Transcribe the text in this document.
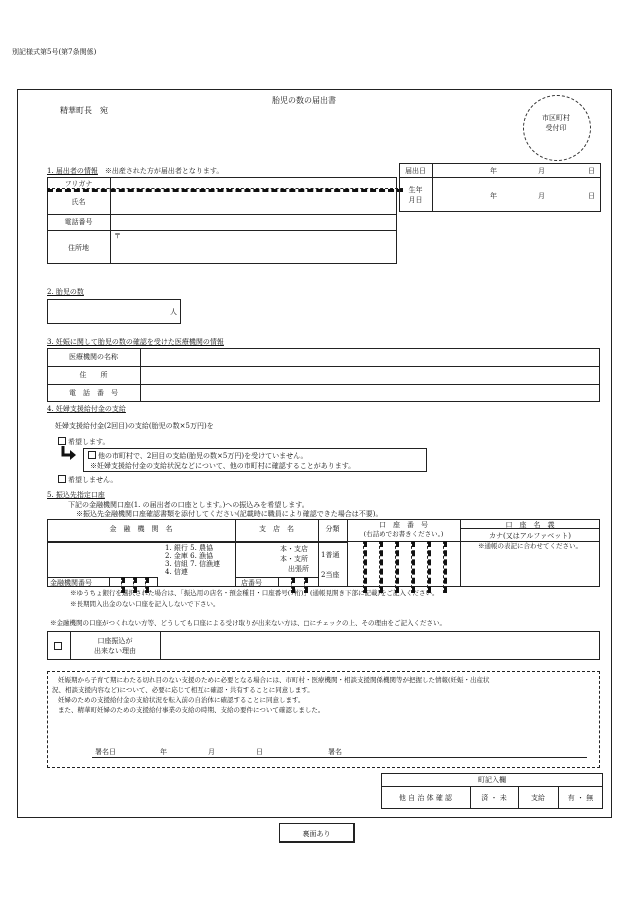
別記様式第5号(第7条関係)
胎児の数の届出書
精華町長　宛
市区町村
受付印
1. 届出者の情報　 ※出産された方が届出者となります。
フリガナ
氏名
電話番号
住所地
〒
届出日	年	月	日
生年
月日	年	月	日
2. 胎児の数
人
3. 妊娠に関して胎児の数の確認を受けた医療機関の情報
医療機関の名称
住　　所
電　話　番　号
4. 妊婦支援給付金の支給
妊婦支援給付金(2回目)の支給(胎児の数×5万円)を
希望します。
他の市町村で、2回目の支給(胎児の数×5万円)を受けていません。
※妊婦支援給付金の支給状況などについて、他の市町村に確認することがあります。
希望しません。
5. 振込先指定口座
下記の金融機関口座(1. の届出者の口座とします。)への振込みを希望します。
※振込先金融機関口座確認書類を添付してください(記載時に職員により確認できた場合は不要)。
金　融　機　関　名	支　店　名	分類	口　座　番　号
(右詰めでお書きください。)
口　座　名　義
カナ(又はアルファベット)
※通帳の表記に合わせてください。
1. 銀行 5. 農協
2. 金庫 6. 漁協
3. 信組 7. 信漁連
4. 信連
本・支店
本・支所
出張所
1普通
2当座
金融機関番号	店番号
※ゆうちょ銀行を選択された場合は、「振込用の店名・預金種目・口座番号(7桁)」(通帳見開き下部に記載)をご記入ください。
※長期間入出金のない口座を記入しないで下さい。
※金融機関の口座がつくれない方等、どうしても口座による受け取りが出来ない方は、□にチェックの上、その理由をご記入ください。
口座振込が
出来ない理由
妊娠期から子育て期にわたる切れ目のない支援のために必要となる場合には、市町村・医療機関・相談支援関係機関等が把握した情報(妊娠・出産状
況、相談支援内容など)について、必要に応じて相互に確認・共有することに同意します。
妊婦のための支援給付金の支給状況を転入前の自治体に確認することに同意します。
また、精華町妊婦のための支援給付事業の支給の時期、支給の要件について確認しました。
署名日	年	月	日	署名
町記入欄
他 自 治 体 確 認	済 ・ 未	支給	有 ・ 無
裏面あり
